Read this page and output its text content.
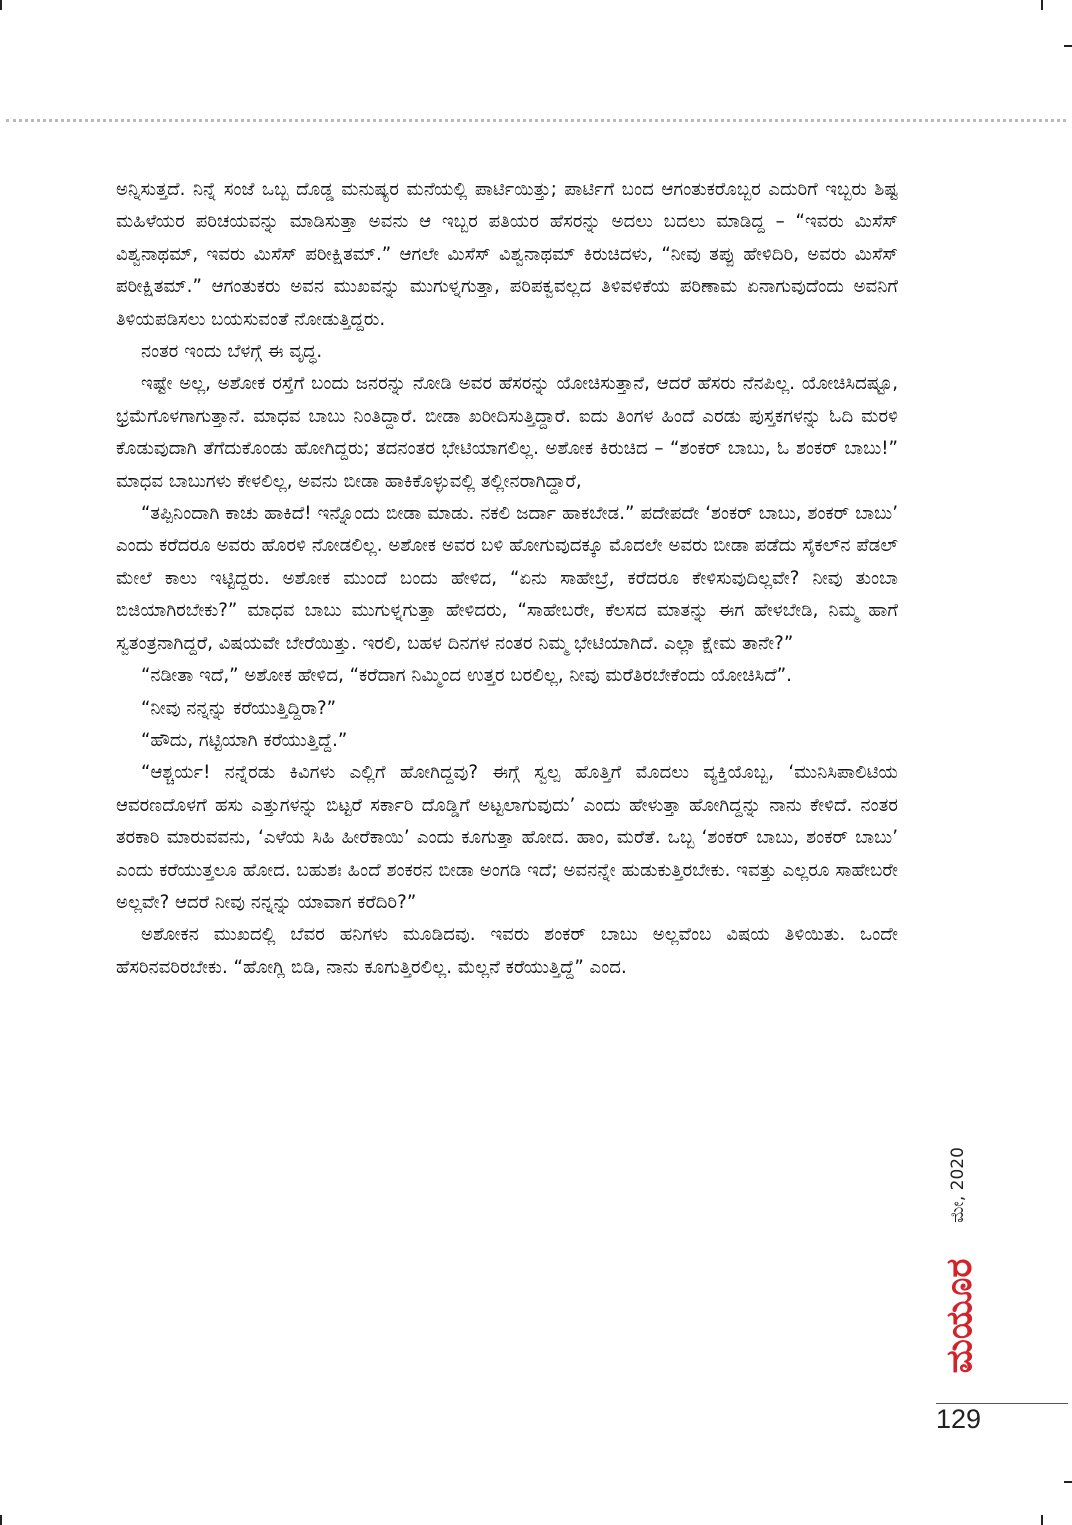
ಅನ್ನಿಸುತ್ತದೆ. ನಿನ್ನೆ ಸಂಜೆ ಒಬ್ಬ ದೊಡ್ಡ ಮನುಷ್ಯರ ಮನೆಯಲ್ಲಿ ಪಾರ್ಟಿಯಿತ್ತು; ಪಾರ್ಟಿಗೆ ಬಂದ ಆಗಂತುಕರೊಬ್ಬರ ಎದುರಿಗೆ ಇಬ್ಬರು ಶಿಷ್ಟ ಮಹಿಳೆಯರ ಪರಿಚಯವನ್ನು ಮಾಡಿಸುತ್ತಾ ಅವನು ಆ ಇಬ್ಬರ ಪತಿಯರ ಹೆಸರನ್ನು ಅದಲು ಬದಲು ಮಾಡಿದ್ದ – “ಇವರು ಮಿಸೆಸ್ ವಿಶ್ವನಾಥಮ್, ಇವರು ಮಿಸೆಸ್ ಪರೀಕ್ಷಿತಮ್.” ಆಗಲೇ ಮಿಸೆಸ್ ವಿಶ್ವನಾಥಮ್ ಕಿರುಚಿದಳು, “ನೀವು ತಪ್ಪು ಹೇಳಿದಿರಿ, ಅವರು ಮಿಸೆಸ್ ಪರೀಕ್ಷಿತಮ್.” ಆಗಂತುಕರು ಅವನ ಮುಖವನ್ನು ಮುಗುಳ್ನಗುತ್ತಾ, ಪರಿಪಕ್ವವಲ್ಲದ ತಿಳಿವಳಿಕೆಯ ಪರಿಣಾಮ ಏನಾಗುವುದೆಂದು ಅವನಿಗೆ ತಿಳಿಯಪಡಿಸಲು ಬಯಸುವಂತೆ ನೋಡುತ್ತಿದ್ದರು.

ನಂತರ ಇಂದು ಬೆಳಗ್ಗೆ ಈ ವೃದ್ಧ.

ಇಷ್ಟೇ ಅಲ್ಲ, ಅಶೋಕ ರಸ್ತೆಗೆ ಬಂದು ಜನರನ್ನು ನೋಡಿ ಅವರ ಹೆಸರನ್ನು ಯೋಚಿಸುತ್ತಾನೆ, ಆದರೆ ಹೆಸರು ನೆನಪಿಲ್ಲ. ಯೋಚಿಸಿದಷ್ಟೂ, ಭ್ರಮೆಗೊಳಗಾಗುತ್ತಾನೆ. ಮಾಧವ ಬಾಬು ನಿಂತಿದ್ದಾರೆ. ಬೀಡಾ ಖರೀದಿಸುತ್ತಿದ್ದಾರೆ. ಐದು ತಿಂಗಳ ಹಿಂದೆ ಎರಡು ಪುಸ್ತಕಗಳನ್ನು ಓದಿ ಮರಳಿ ಕೊಡುವುದಾಗಿ ತೆಗೆದುಕೊಂಡು ಹೋಗಿದ್ದರು; ತದನಂತರ ಭೇಟಿಯಾಗಲಿಲ್ಲ. ಅಶೋಕ ಕಿರುಚಿದ – “ಶಂಕರ್ ಬಾಬು, ಓ ಶಂಕರ್ ಬಾಬು!” ಮಾಧವ ಬಾಬುಗಳು ಕೇಳಲಿಲ್ಲ, ಅವನು ಬೀಡಾ ಹಾಕಿಕೊಳ್ಳುವಲ್ಲಿ ತಲ್ಲೀನರಾಗಿದ್ದಾರೆ,

“ತಪ್ಪಿನಿಂದಾಗಿ ಕಾಚು ಹಾಕಿದೆ! ಇನ್ನೊಂದು ಬೀಡಾ ಮಾಡು. ನಕಲಿ ಜರ್ದಾ ಹಾಕಬೇಡ.” ಪದೇಪದೇ ‘ಶಂಕರ್ ಬಾಬು, ಶಂಕರ್ ಬಾಬು’ ಎಂದು ಕರೆದರೂ ಅವರು ಹೊರಳಿ ನೋಡಲಿಲ್ಲ. ಅಶೋಕ ಅವರ ಬಳಿ ಹೋಗುವುದಕ್ಕೂ ಮೊದಲೇ ಅವರು ಬೀಡಾ ಪಡೆದು ಸೈಕಲ್‌ನ ಪೆಡಲ್ ಮೇಲೆ ಕಾಲು ಇಟ್ಟಿದ್ದರು. ಅಶೋಕ ಮುಂದೆ ಬಂದು ಹೇಳಿದ, “ಏನು ಸಾಹೇಬ್ರೆ, ಕರೆದರೂ ಕೇಳಿಸುವುದಿಲ್ಲವೇ? ನೀವು ತುಂಬಾ ಬಿಜಿಯಾಗಿರಬೇಕು?” ಮಾಧವ ಬಾಬು ಮುಗುಳ್ನಗುತ್ತಾ ಹೇಳಿದರು, “ಸಾಹೇಬರೇ, ಕೆಲಸದ ಮಾತನ್ನು ಈಗ ಹೇಳಬೇಡಿ, ನಿಮ್ಮ ಹಾಗೆ ಸ್ವತಂತ್ರನಾಗಿದ್ದರೆ, ವಿಷಯವೇ ಬೇರೆಯಿತ್ತು. ಇರಲಿ, ಬಹಳ ದಿನಗಳ ನಂತರ ನಿಮ್ಮ ಭೇಟಿಯಾಗಿದೆ. ಎಲ್ಲಾ ಕ್ಷೇಮ ತಾನೇ?”

“ನಡೀತಾ ಇದೆ,” ಅಶೋಕ ಹೇಳಿದ, “ಕರೆದಾಗ ನಿಮ್ಮಿಂದ ಉತ್ತರ ಬರಲಿಲ್ಲ, ನೀವು ಮರೆತಿರಬೇಕೆಂದು ಯೋಚಿಸಿದೆ”.

“ನೀವು ನನ್ನನ್ನು ಕರೆಯುತ್ತಿದ್ದಿರಾ?”

“ಹೌದು, ಗಟ್ಟಿಯಾಗಿ ಕರೆಯುತ್ತಿದ್ದೆ.”

“ಆಶ್ಚರ್ಯ! ನನ್ನೆರಡು ಕಿವಿಗಳು ಎಲ್ಲಿಗೆ ಹೋಗಿದ್ದವು? ಈಗ್ಗೆ ಸ್ವಲ್ಪ ಹೊತ್ತಿಗೆ ಮೊದಲು ವ್ಯಕ್ತಿಯೊಬ್ಬ, ‘ಮುನಿಸಿಪಾಲಿಟಿಯ ಆವರಣದೊಳಗೆ ಹಸು ಎತ್ತುಗಳನ್ನು ಬಿಟ್ಟರೆ ಸರ್ಕಾರಿ ದೊಡ್ಡಿಗೆ ಅಟ್ಟಲಾಗುವುದು’ ಎಂದು ಹೇಳುತ್ತಾ ಹೋಗಿದ್ದನ್ನು ನಾನು ಕೇಳಿದೆ. ನಂತರ ತರಕಾರಿ ಮಾರುವವನು, ‘ಎಳೆಯ ಸಿಹಿ ಹೀರೆಕಾಯಿ’ ಎಂದು ಕೂಗುತ್ತಾ ಹೋದ. ಹಾಂ, ಮರೆತೆ. ಒಬ್ಬ ‘ಶಂಕರ್ ಬಾಬು, ಶಂಕರ್ ಬಾಬು’ ಎಂದು ಕರೆಯುತ್ತಲೂ ಹೋದ. ಬಹುಶಃ ಹಿಂದೆ ಶಂಕರನ ಬೀಡಾ ಅಂಗಡಿ ಇದೆ; ಅವನನ್ನೇ ಹುಡುಕುತ್ತಿರಬೇಕು. ಇವತ್ತು ಎಲ್ಲರೂ ಸಾಹೇಬರೇ ಅಲ್ಲವೇ? ಆದರೆ ನೀವು ನನ್ನನ್ನು ಯಾವಾಗ ಕರೆದಿರಿ?”

ಅಶೋಕನ ಮುಖದಲ್ಲಿ ಬೆವರ ಹನಿಗಳು ಮೂಡಿದವು. ಇವರು ಶಂಕರ್ ಬಾಬು ಅಲ್ಲವೆಂಬ ವಿಷಯ ತಿಳಿಯಿತು. ಒಂದೇ ಹೆಸರಿನವರಿರಬೇಕು. “ಹೋಗ್ಲಿ ಬಿಡಿ, ನಾನು ಕೂಗುತ್ತಿರಲಿಲ್ಲ. ಮೆಲ್ಲನೆ ಕರೆಯುತ್ತಿದ್ದೆ” ಎಂದ.

ಮೇ, 2020
ಮಯೂರ
129
